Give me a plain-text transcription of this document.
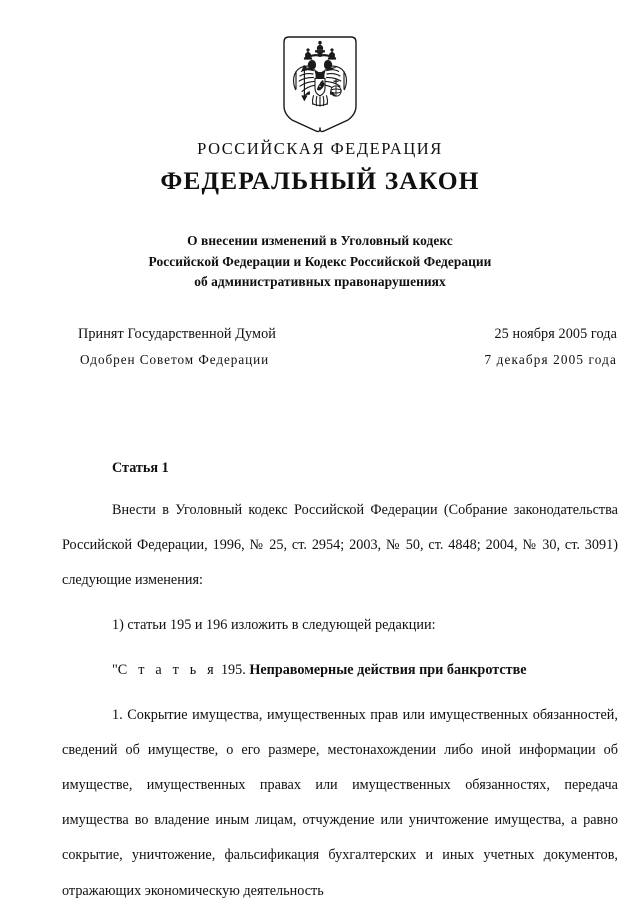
РОССИЙСКАЯ ФЕДЕРАЦИЯ
ФЕДЕРАЛЬНЫЙ ЗАКОН
О внесении изменений в Уголовный кодекс
Российской Федерации и Кодекс Российской Федерации
об административных правонарушениях
Принят Государственной Думой	25 ноября 2005 года
Одобрен Советом Федерации	7 декабря 2005 года
Статья 1

Внести в Уголовный кодекс Российской Федерации (Собрание законодательства Российской Федерации, 1996, № 25, ст. 2954; 2003, № 50, ст. 4848; 2004, № 30, ст. 3091) следующие изменения:

1) статьи 195 и 196 изложить в следующей редакции:

"С т а т ь я 195. Неправомерные действия при банкротстве

1. Сокрытие имущества, имущественных прав или имущественных обязанностей, сведений об имуществе, о его размере, местонахождении либо иной информации об имуществе, имущественных правах или имущественных обязанностях, передача имущества во владение иным лицам, отчуждение или уничтожение имущества, а равно сокрытие, уничтожение, фальсификация бухгалтерских и иных учетных документов, отражающих экономическую деятельность
